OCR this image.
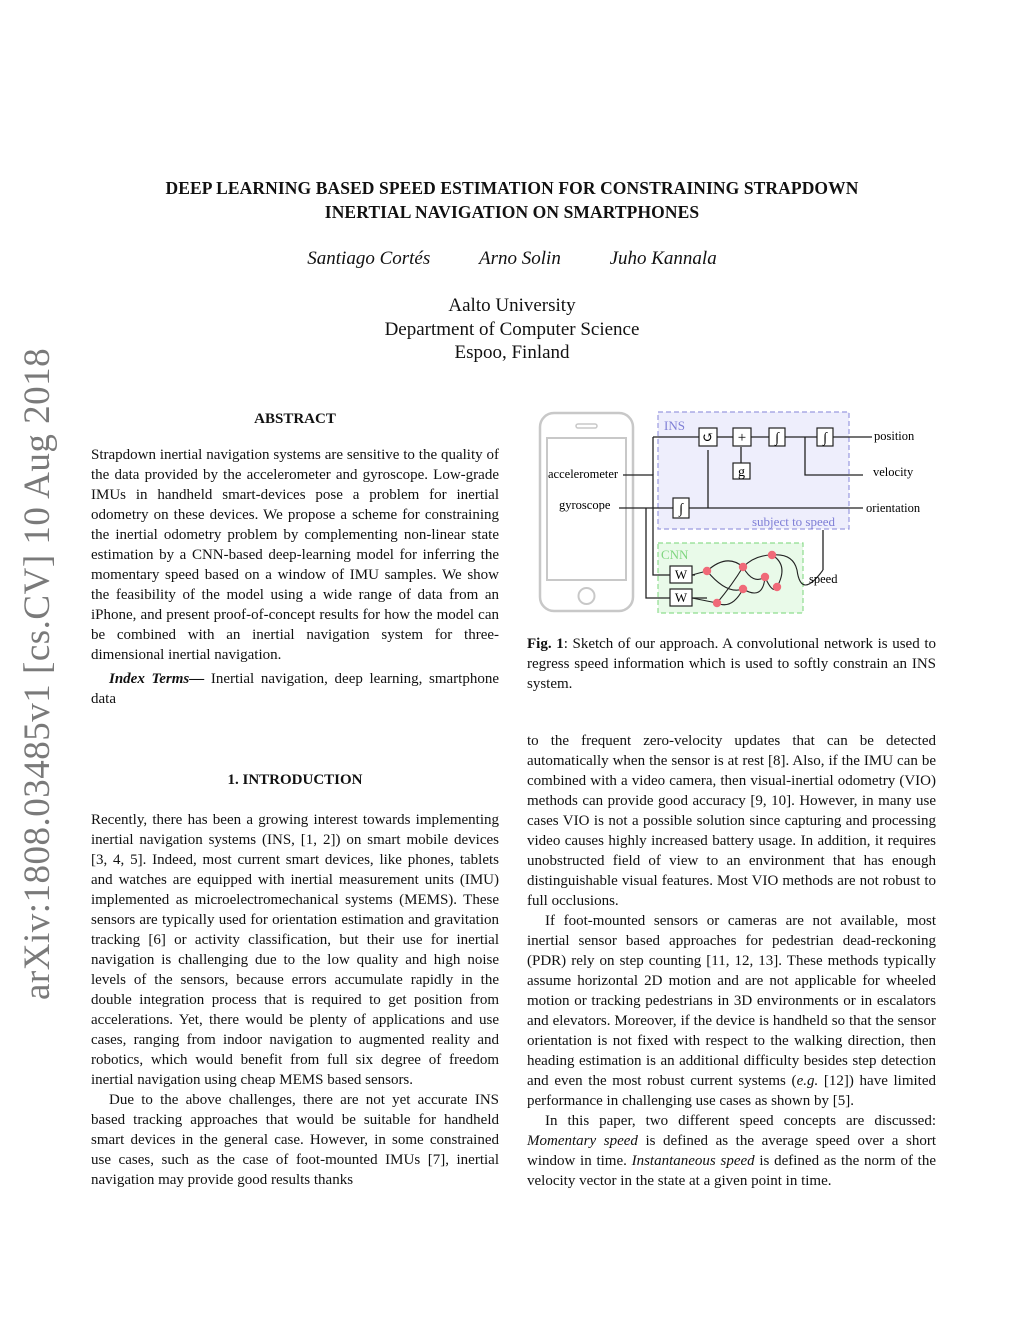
DEEP LEARNING BASED SPEED ESTIMATION FOR CONSTRAINING STRAPDOWN
INERTIAL NAVIGATION ON SMARTPHONES
Santiago Cortés	Arno Solin	Juho Kannala
Aalto University
Department of Computer Science
Espoo, Finland
arXiv:1808.03485v1 [cs.CV] 10 Aug 2018	ABSTRACT

Strapdown inertial navigation systems are sensitive to the quality of the data provided by the accelerometer and gyroscope. Low-grade IMUs in handheld smart-devices pose a problem for inertial odometry on these devices. We propose a scheme for constraining the inertial odometry problem by complementing non-linear state estimation by a CNN-based deep-learning model for inferring the momentary speed based on a window of IMU samples. We show the feasibility of the model using a wide range of data from an iPhone, and present proof-of-concept results for how the model can be combined with an inertial navigation system for three-dimensional inertial navigation.

Index Terms— Inertial navigation, deep learning, smartphone data

1. INTRODUCTION

Recently, there has been a growing interest towards implementing inertial navigation systems (INS, [1, 2]) on smart mobile devices [3, 4, 5]. Indeed, most current smart devices, like phones, tablets and watches are equipped with inertial measurement units (IMU) implemented as microelectromechanical systems (MEMS). These sensors are typically used for orientation estimation and gravitation tracking [6] or activity classification, but their use for inertial navigation is challenging due to the low quality and high noise levels of the sensors, because errors accumulate rapidly in the double integration process that is required to get position from accelerations. Yet, there would be plenty of applications and use cases, ranging from indoor navigation to augmented reality and robotics, which would benefit from full six degree of freedom inertial navigation using cheap MEMS based sensors.

Due to the above challenges, there are not yet accurate INS based tracking approaches that would be suitable for handheld smart devices in the general case. However, in some constrained use cases, such as the case of foot-mounted IMUs [7], inertial navigation may provide good results thanks

INS
subject to speed
CNN
↺ +
g
∫	∫
∫
W
W
accelerometer
gyroscope
position
velocity
orientation
speed
Fig. 1: Sketch of our approach. A convolutional network is used to regress speed information which is used to softly constrain an INS system.

to the frequent zero-velocity updates that can be detected automatically when the sensor is at rest [8]. Also, if the IMU can be combined with a video camera, then visual-inertial odometry (VIO) methods can provide good accuracy [9, 10]. However, in many use cases VIO is not a possible solution since capturing and processing video causes highly increased battery usage. In addition, it requires unobstructed field of view to an environment that has enough distinguishable visual features. Most VIO methods are not robust to full occlusions.

If foot-mounted sensors or cameras are not available, most inertial sensor based approaches for pedestrian dead-reckoning (PDR) rely on step counting [11, 12, 13]. These methods typically assume horizontal 2D motion and are not applicable for wheeled motion or tracking pedestrians in 3D environments or in escalators and elevators. Moreover, if the device is handheld so that the sensor orientation is not fixed with respect to the walking direction, then heading estimation is an additional difficulty besides step detection and even the most robust current systems (e.g. [12]) have limited performance in challenging use cases as shown by [5].

In this paper, two different speed concepts are discussed: Momentary speed is defined as the average speed over a short window in time. Instantaneous speed is defined as the norm of the velocity vector in the state at a given point in time.
